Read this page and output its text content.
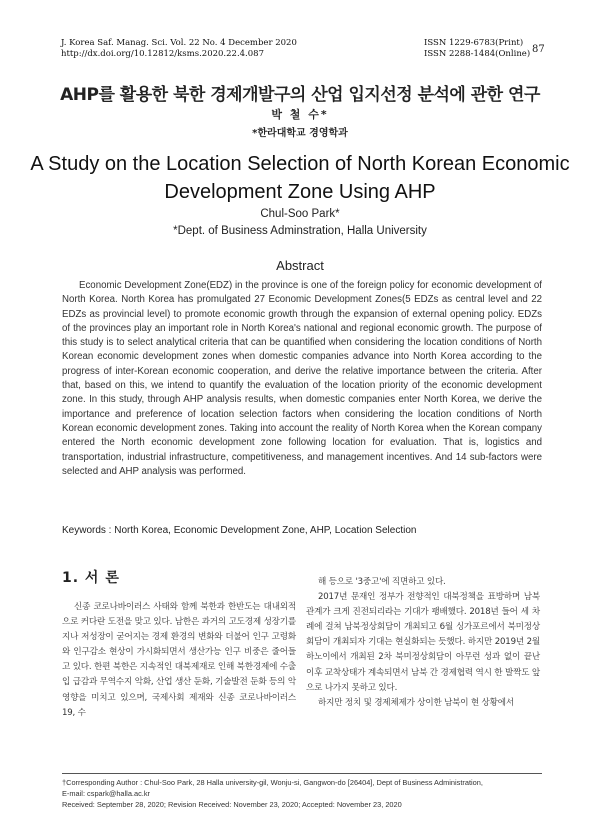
J. Korea Saf. Manag. Sci. Vol. 22 No. 4 December 2020
http://dx.doi.org/10.12812/ksms.2020.22.4.087
ISSN 1229-6783(Print)
ISSN 2288-1484(Online) 87
AHP를 활용한 북한 경제개발구의 산업 입지선정 분석에 관한 연구
박 철 수*
*한라대학교 경영학과
A Study on the Location Selection of North Korean Economic
Development Zone Using AHP
Chul-Soo Park*
*Dept. of Business Adminstration, Halla University
Abstract

Economic Development Zone(EDZ) in the province is one of the foreign policy for economic development of North Korea. North Korea has promulgated 27 Economic Development Zones(5 EDZs as central level and 22 EDZs as provincial level) to promote economic growth through the expansion of external opening policy. EDZs of the provinces play an important role in North Korea's national and regional economic growth. The purpose of this study is to select analytical criteria that can be quantified when considering the location conditions of North Korean economic development zones when domestic companies advance into North Korea according to the progress of inter-Korean economic cooperation, and derive the relative importance between the criteria. After that, based on this, we intend to quantify the evaluation of the location priority of the economic development zone. In this study, through AHP analysis results, when domestic companies enter North Korea, we derive the importance and preference of location selection factors when considering the location conditions of North Korean economic development zones. Taking into account the reality of North Korea when the Korean company entered the North economic development zone following location for evaluation. That is, logistics and transportation, industrial infrastructure, competitiveness, and management incentives. And 14 sub-factors were selected and AHP analysis was performed.

Keywords : North Korea, Economic Development Zone, AHP, Location Selection
1. 서 론

신종 코로나바이러스 사태와 함께 북한과 한반도는 대내외적으로 커다란 도전을 맞고 있다. 남한은 과거의 고도경제 성장기를 지나 저성장이 굳어지는 경제 환경의 변화와 더불어 인구 고령화와 인구감소 현상이 가시화되면서 생산가능 인구 비중은 줄어들고 있다. 한편 북한은 지속적인 대북제재로 인해 북한경제에 수출입 급감과 무역수지 악화, 산업 생산 둔화, 기술발전 둔화 등의 악영향을 미치고 있으며, 국제사회 제재와 신종 코로나바이러스 19, 수

해 등으로 '3중고'에 직면하고 있다.

2017년 문재인 정부가 전향적인 대북정책을 표방하며 남북관계가 크게 진전되리라는 기대가 팽배했다. 2018년 들어 세 차례에 걸쳐 남북정상회담이 개최되고 6월 싱가포르에서 북미정상회담이 개최되자 기대는 현실화되는 듯했다. 하지만 2019년 2월 하노이에서 개최된 2차 북미정상회담이 아무런 성과 없이 끝난 이후 교착상태가 계속되면서 남북 간 경제협력 역시 한 발짝도 앞으로 나가지 못하고 있다.

하지만 정치 및 경제체제가 상이한 남북이 현 상황에서

†Corresponding Author : Chul-Soo Park, 28 Halla university-gil, Wonju-si, Gangwon-do [26404], Dept of Business Administration,
E-mail: cspark@halla.ac.kr
Received: September 28, 2020; Revision Received: November 23, 2020; Accepted: November 23, 2020
